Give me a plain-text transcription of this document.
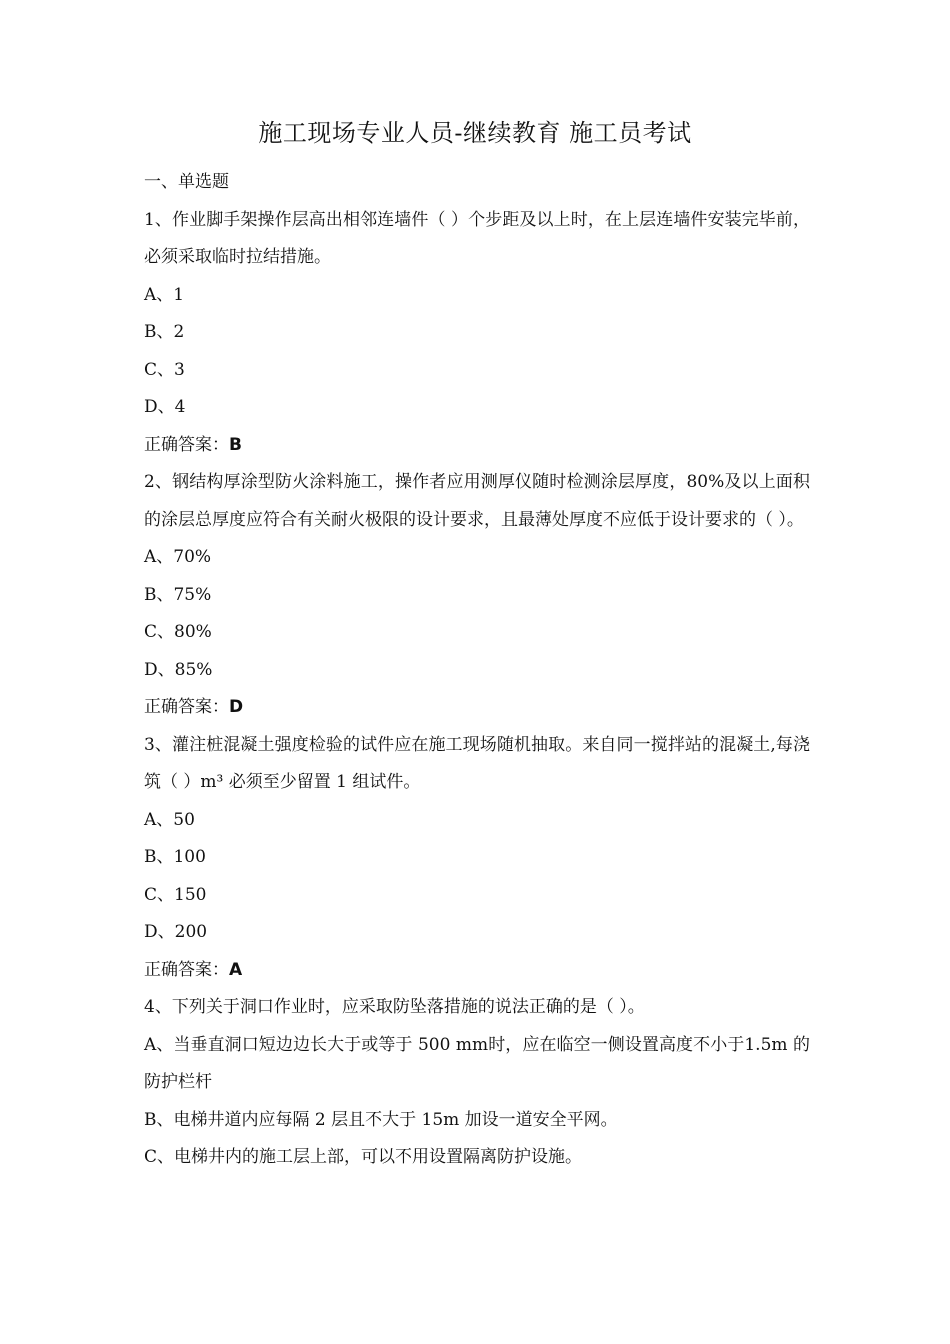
施工现场专业人员-继续教育 施工员考试
一、单选题
1、作业脚手架操作层高出相邻连墙件（ ）个步距及以上时，在上层连墙件安装完毕前，必须采取临时拉结措施。
A、1
B、2
C、3
D、4
正确答案：B
2、钢结构厚涂型防火涂料施工，操作者应用测厚仪随时检测涂层厚度，80%及以上面积的涂层总厚度应符合有关耐火极限的设计要求，且最薄处厚度不应低于设计要求的（ ）。
A、70%
B、75%
C、80%
D、85%
正确答案：D
3、灌注桩混凝土强度检验的试件应在施工现场随机抽取。来自同一搅拌站的混凝土,每浇筑（ ）m³ 必须至少留置 1 组试件。
A、50
B、100
C、150
D、200
正确答案：A
4、下列关于洞口作业时，应采取防坠落措施的说法正确的是（ ）。
A、当垂直洞口短边边长大于或等于 500 mm时，应在临空一侧设置高度不小于1.5m 的防护栏杆
B、电梯井道内应每隔 2 层且不大于 15m 加设一道安全平网。
C、电梯井内的施工层上部，可以不用设置隔离防护设施。
